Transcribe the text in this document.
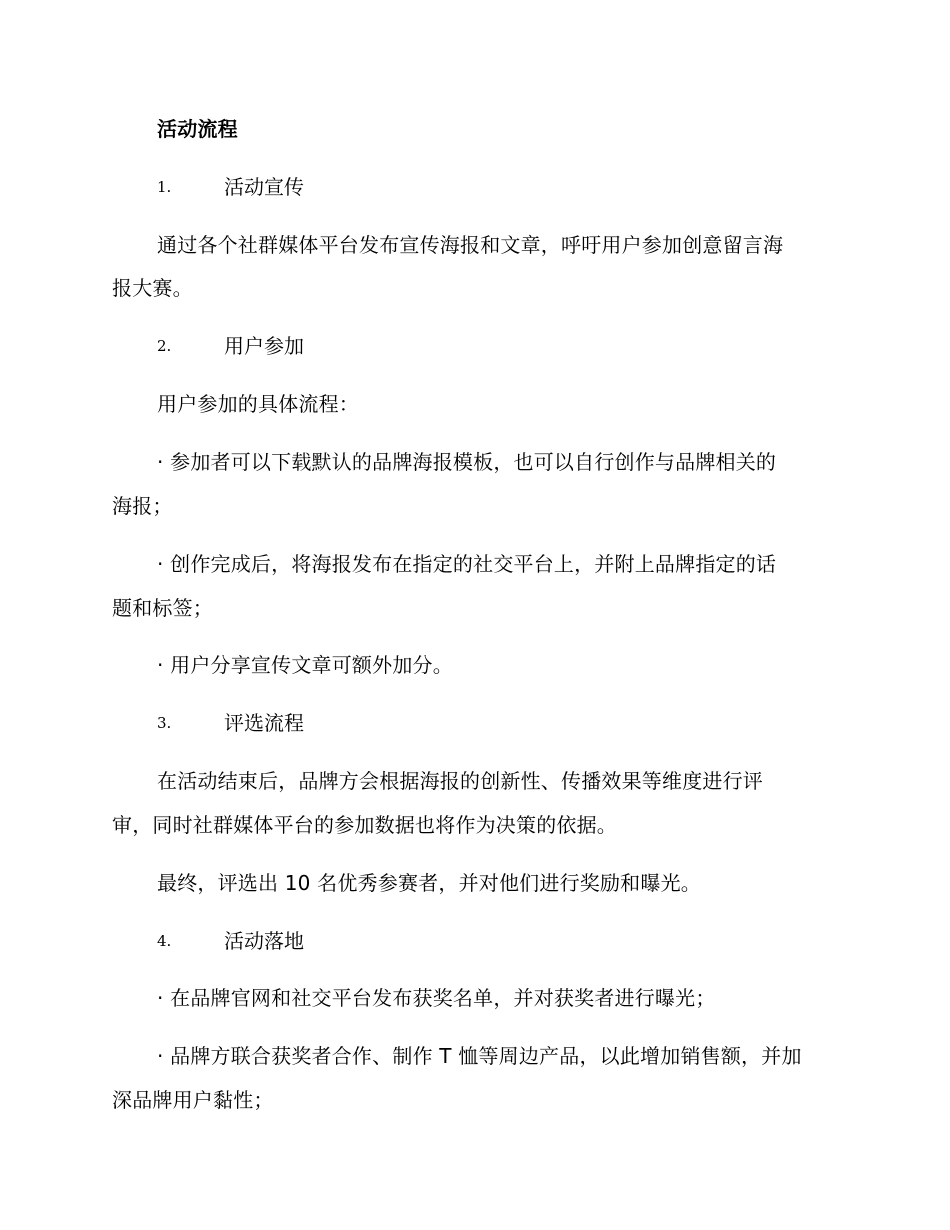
活动流程
1.	活动宣传
通过各个社群媒体平台发布宣传海报和文章，呼吁用户参加创意留言海
报大赛。
2.	用户参加
用户参加的具体流程：
· 参加者可以下载默认的品牌海报模板，也可以自行创作与品牌相关的
海报；
· 创作完成后，将海报发布在指定的社交平台上，并附上品牌指定的话
题和标签；
· 用户分享宣传文章可额外加分。
3.	评选流程
在活动结束后，品牌方会根据海报的创新性、传播效果等维度进行评
审，同时社群媒体平台的参加数据也将作为决策的依据。
最终，评选出 10 名优秀参赛者，并对他们进行奖励和曝光。
4.	活动落地
· 在品牌官网和社交平台发布获奖名单，并对获奖者进行曝光；
· 品牌方联合获奖者合作、制作 T 恤等周边产品，以此增加销售额，并加
深品牌用户黏性；
